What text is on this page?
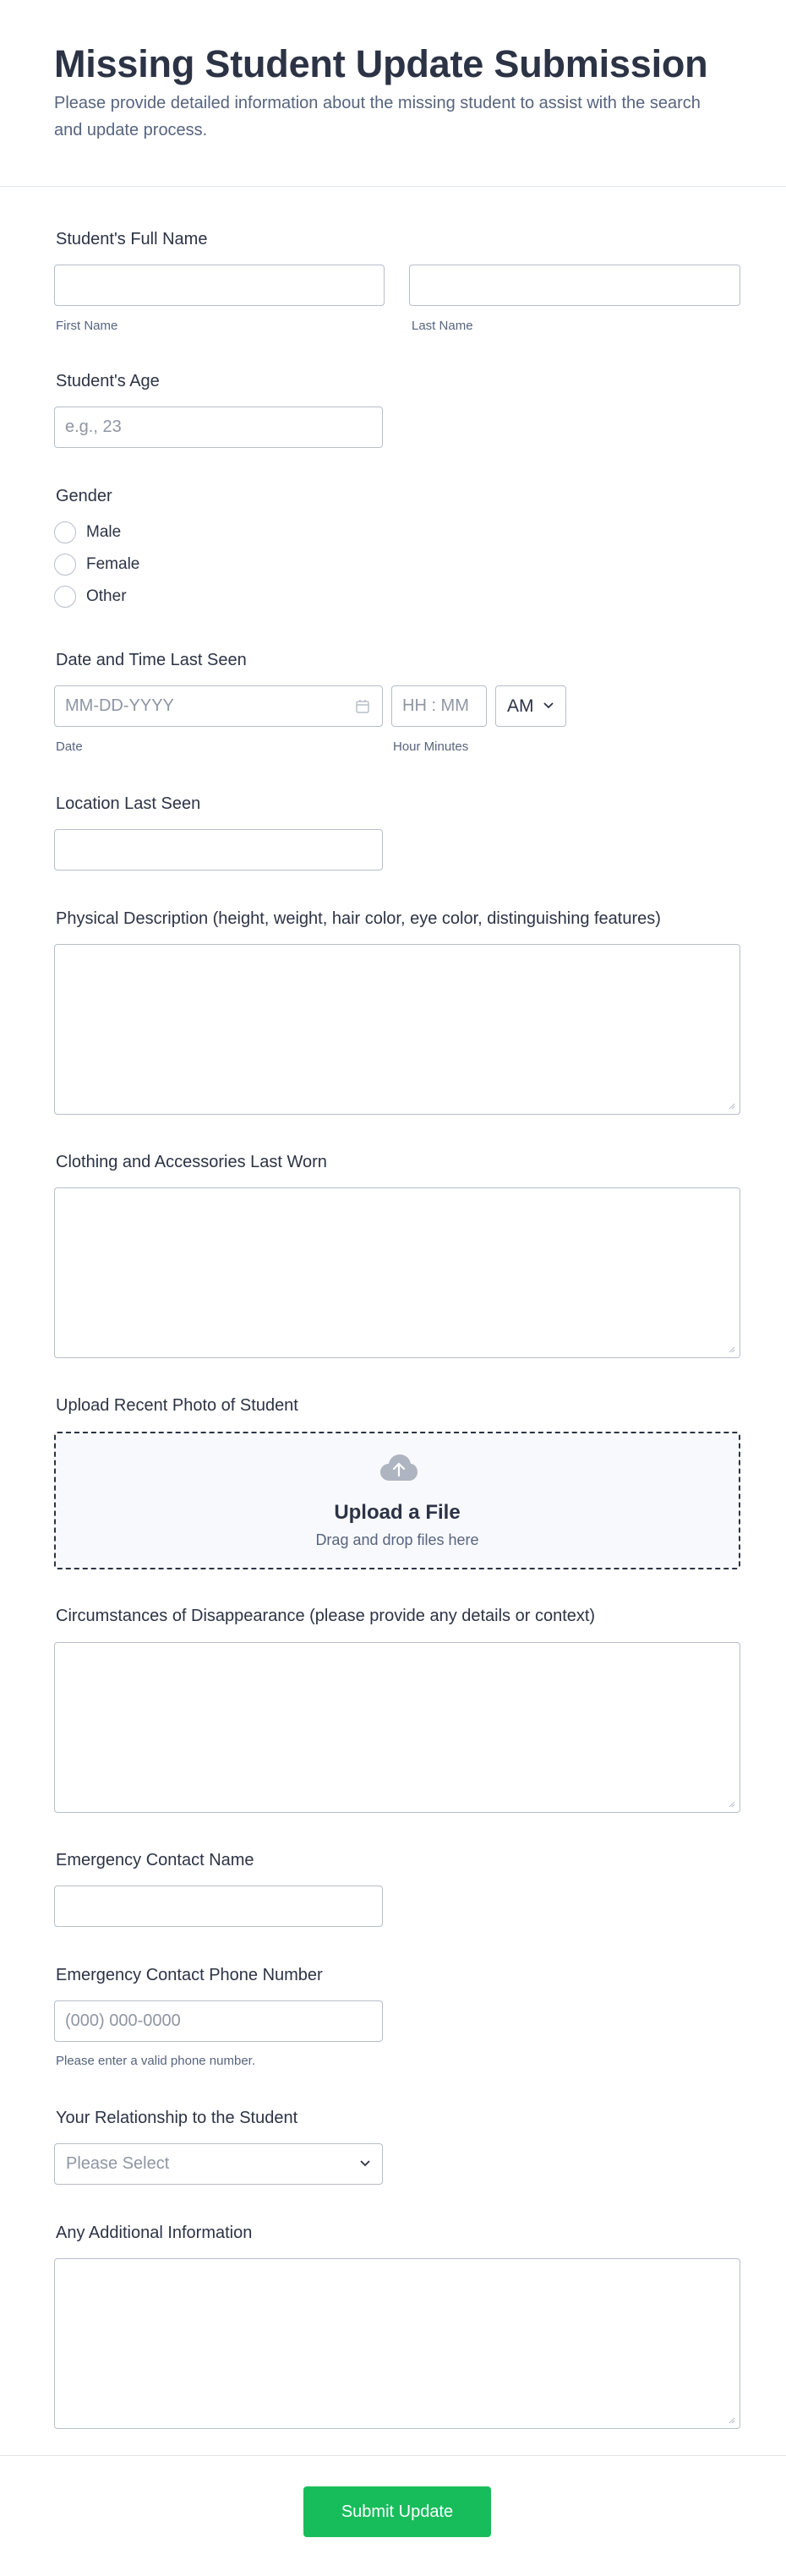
Missing Student Update Submission

Please provide detailed information about the missing student to assist with the search and update process.

Student's Full Name
First Name	Last Name
Student's Age
e.g., 23
Gender
Male
Female
Other
Date and Time Last Seen
MM-DD-YYYY
HH : MM
AM
Date	Hour Minutes
Location Last Seen
Physical Description (height, weight, hair color, eye color, distinguishing features)
Clothing and Accessories Last Worn
Upload Recent Photo of Student
Upload a File
Drag and drop files here
Circumstances of Disappearance (please provide any details or context)
Emergency Contact Name
Emergency Contact Phone Number
(000) 000-0000
Please enter a valid phone number.
Your Relationship to the Student
Please Select
Any Additional Information
Submit Update
